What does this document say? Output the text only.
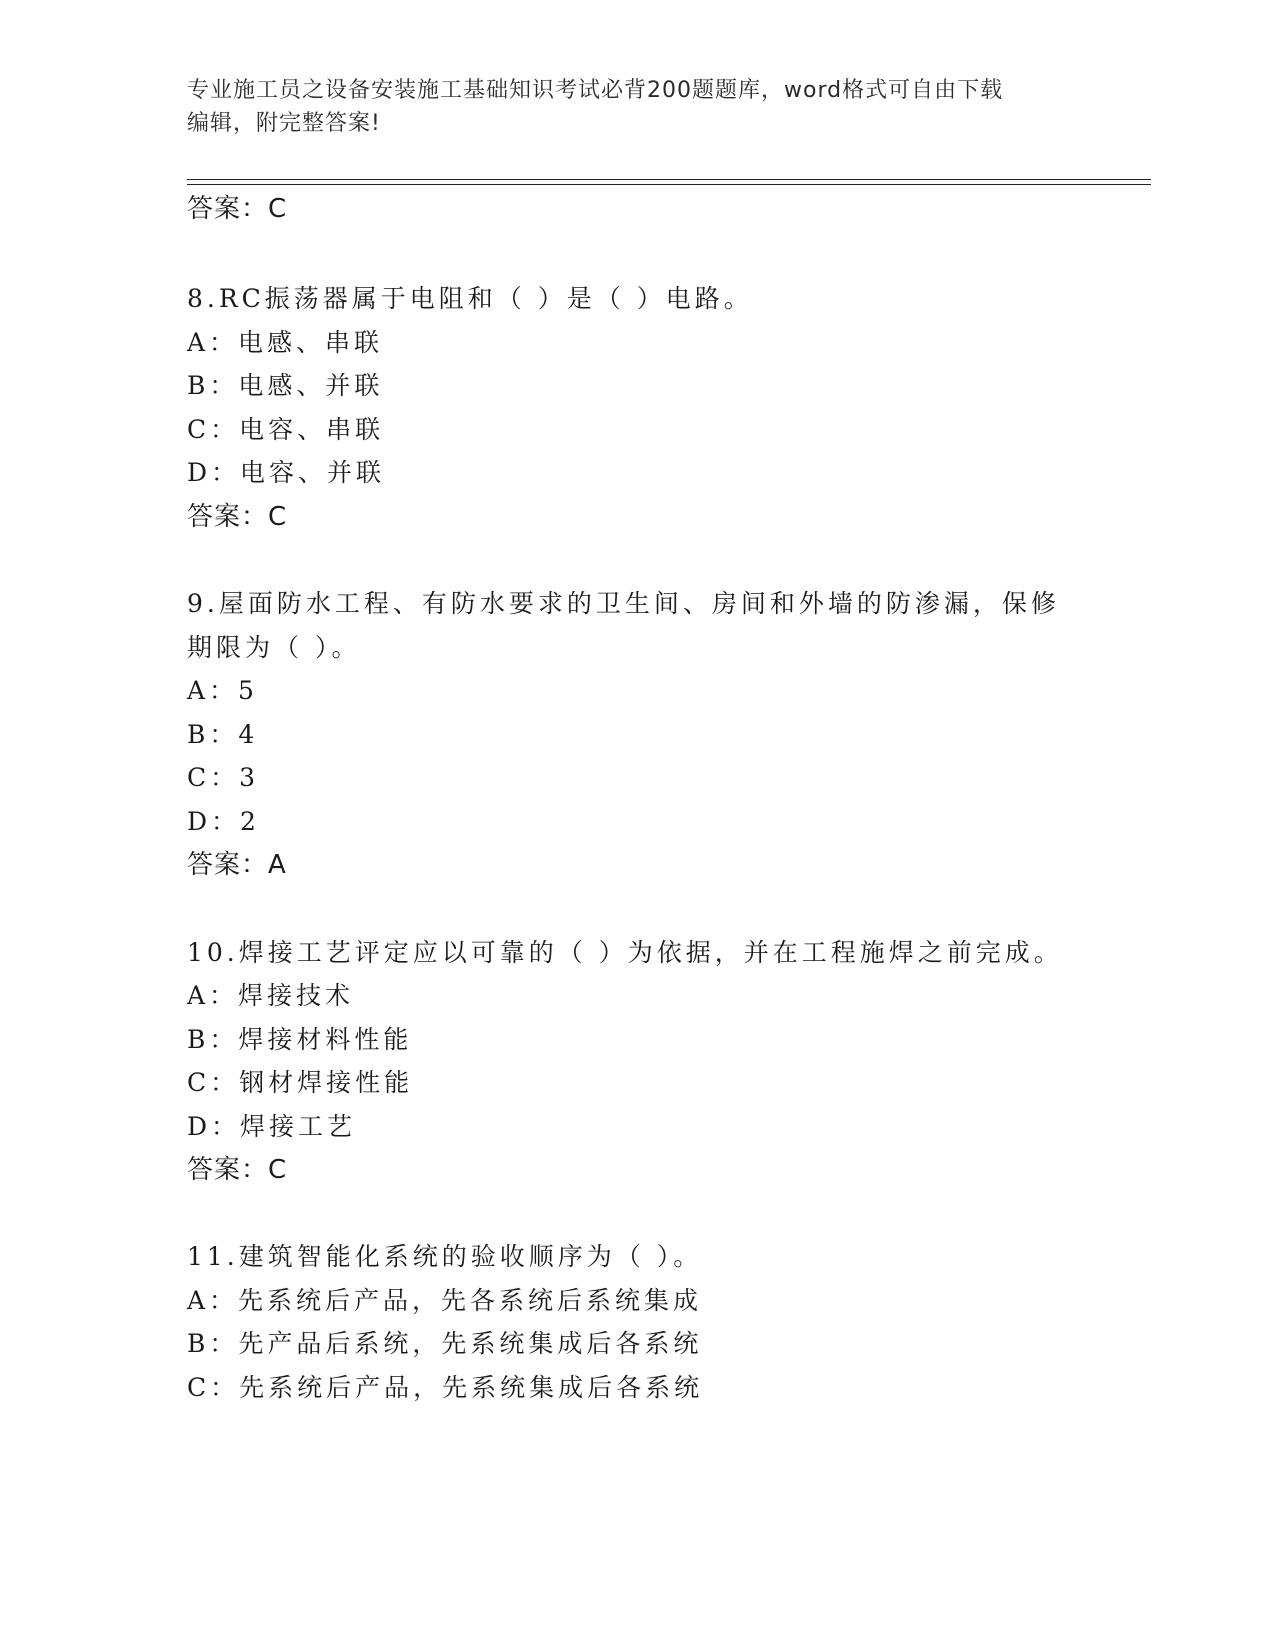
专业施工员之设备安装施工基础知识考试必背200题题库，word格式可自由下载
编辑，附完整答案!
答案：C
8.RC振荡器属于电阻和（ ）是（ ）电路。
A：电感、串联
B：电感、并联
C：电容、串联
D：电容、并联
答案：C
9.屋面防水工程、有防水要求的卫生间、房间和外墙的防渗漏，保修
期限为（ ）。
A：5
B：4
C：3
D：2
答案：A
10.焊接工艺评定应以可靠的（ ）为依据，并在工程施焊之前完成。
A：焊接技术
B：焊接材料性能
C：钢材焊接性能
D：焊接工艺
答案：C
11.建筑智能化系统的验收顺序为（ ）。
A：先系统后产品，先各系统后系统集成
B：先产品后系统，先系统集成后各系统
C：先系统后产品，先系统集成后各系统
